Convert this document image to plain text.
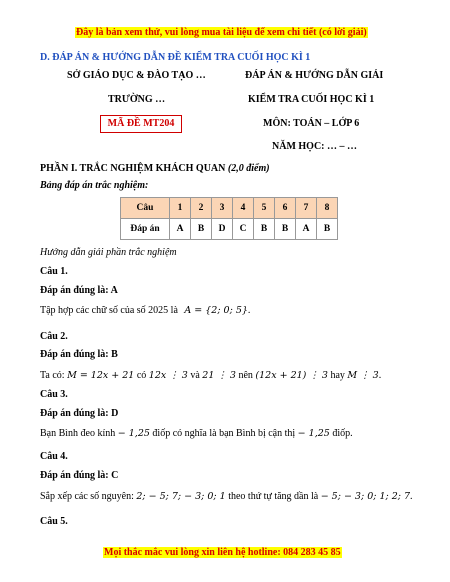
Đây là bản xem thử, vui lòng mua tài liệu để xem chi tiết (có lời giải)
D. ĐÁP ÁN & HƯỚNG DẪN ĐỀ KIỂM TRA CUỐI HỌC KÌ 1
SỞ GIÁO DỤC & ĐÀO TẠO …
TRƯỜNG …
MÃ ĐỀ MT204
ĐÁP ÁN & HƯỚNG DẪN GIẢI
KIỂM TRA CUỐI HỌC KÌ 1
MÔN: TOÁN – LỚP 6
NĂM HỌC: … – …
PHẦN I. TRẮC NGHIỆM KHÁCH QUAN (2,0 điểm)
Bảng đáp án trắc nghiệm:
Câu	1	2	3	4	5	6	7	8
Đáp án	A	B	D	C	B	B	A	B
Hướng dẫn giải phần trắc nghiệm
Câu 1.
Đáp án đúng là: A
Tập hợp các chữ số của số 2025 là A = {2; 0; 5}.
Câu 2.
Đáp án đúng là: B
Ta có: M = 12x + 21 có 12x ⋮ 3 và 21 ⋮ 3 nên (12x + 21) ⋮ 3 hay M ⋮ 3.
Câu 3.
Đáp án đúng là: D
Bạn Bình đeo kính − 1,25 điốp có nghĩa là bạn Bình bị cận thị − 1,25 điốp.
Câu 4.
Đáp án đúng là: C
Sắp xếp các số nguyên: 2; − 5; 7; − 3; 0; 1 theo thứ tự tăng dần là − 5; − 3; 0; 1; 2; 7.
Câu 5.
Mọi thắc mắc vui lòng xin liên hệ hotline: 084 283 45 85
